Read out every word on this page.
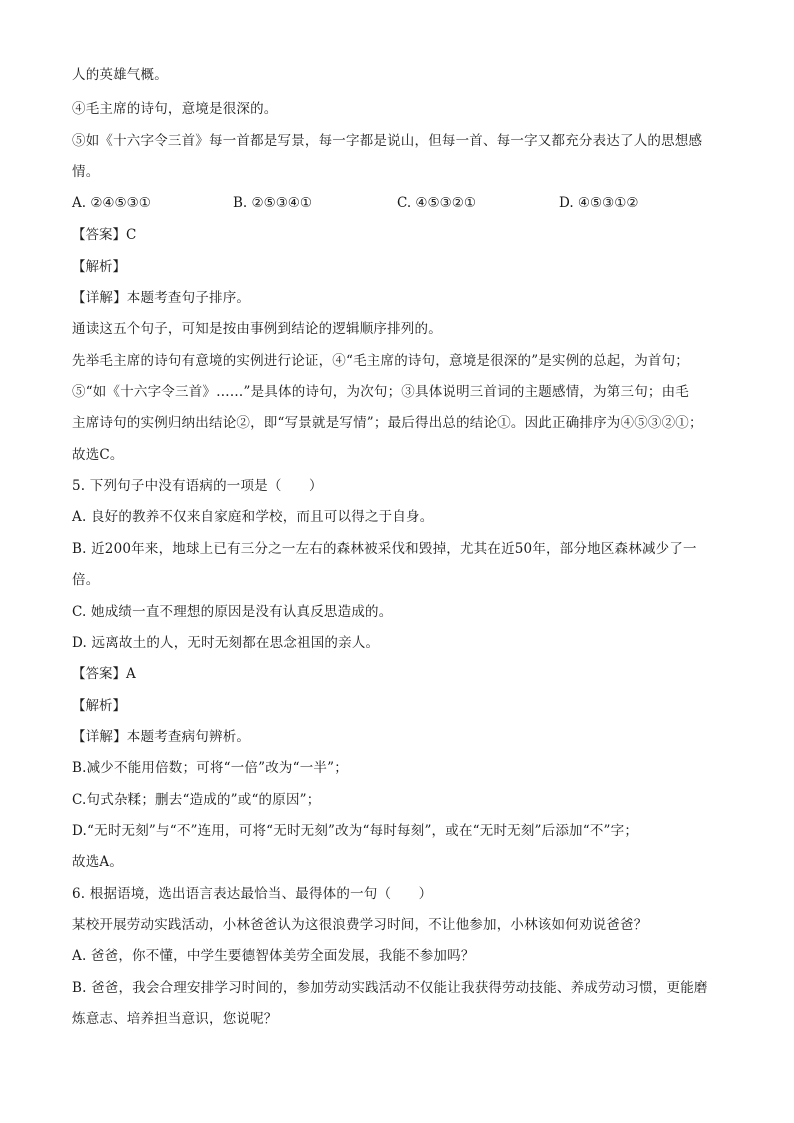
人的英雄气概。
④毛主席的诗句，意境是很深的。
⑤如《十六字令三首》每一首都是写景，每一字都是说山，但每一首、每一字又都充分表达了人的思想感
情。
A. ②④⑤③①	B. ②⑤③④①	C. ④⑤③②①	D. ④⑤③①②
【答案】C
【解析】
【详解】本题考查句子排序。
通读这五个句子，可知是按由事例到结论的逻辑顺序排列的。
先举毛主席的诗句有意境的实例进行论证，④“毛主席的诗句，意境是很深的”是实例的总起，为首句；
⑤“如《十六字令三首》……”是具体的诗句，为次句；③具体说明三首词的主题感情，为第三句；由毛
主席诗句的实例归纳出结论②，即“写景就是写情”；最后得出总的结论①。因此正确排序为④⑤③②①；
故选C。
5. 下列句子中没有语病的一项是（　　）
A. 良好的教养不仅来自家庭和学校，而且可以得之于自身。
B. 近200年来，地球上已有三分之一左右的森林被采伐和毁掉，尤其在近50年，部分地区森林减少了一
倍。
C. 她成绩一直不理想的原因是没有认真反思造成的。
D. 远离故土的人，无时无刻都在思念祖国的亲人。
【答案】A
【解析】
【详解】本题考查病句辨析。
B.减少不能用倍数；可将“一倍”改为“一半”；
C.句式杂糅；删去“造成的”或“的原因”；
D.“无时无刻”与“不”连用，可将“无时无刻”改为“每时每刻”，或在“无时无刻”后添加“不”字；
故选A。
6. 根据语境，选出语言表达最恰当、最得体的一句（　　）
某校开展劳动实践活动，小林爸爸认为这很浪费学习时间，不让他参加，小林该如何劝说爸爸？
A. 爸爸，你不懂，中学生要德智体美劳全面发展，我能不参加吗？
B. 爸爸，我会合理安排学习时间的，参加劳动实践活动不仅能让我获得劳动技能、养成劳动习惯，更能磨
炼意志、培养担当意识，您说呢？
